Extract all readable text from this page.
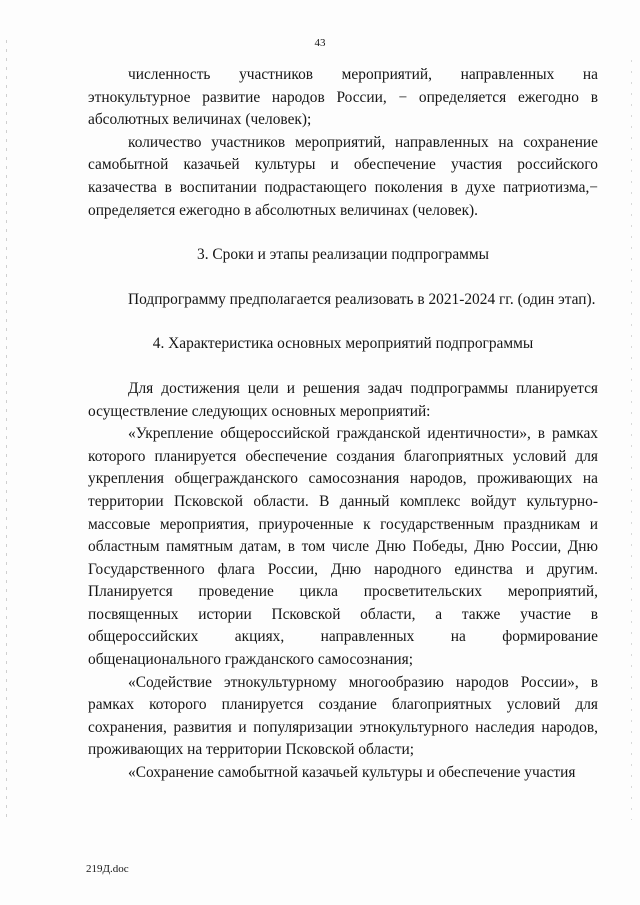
43

численность участников мероприятий, направленных на этнокультурное развитие народов России, − определяется ежегодно в абсолютных величинах (человек);

количество участников мероприятий, направленных на сохранение самобытной казачьей культуры и обеспечение участия российского казачества в воспитании подрастающего поколения в духе патриотизма,− определяется ежегодно в абсолютных величинах (человек).

3. Сроки и этапы реализации подпрограммы

Подпрограмму предполагается реализовать в 2021-2024 гг. (один этап).

4. Характеристика основных мероприятий подпрограммы

Для достижения цели и решения задач подпрограммы планируется осуществление следующих основных мероприятий:

«Укрепление общероссийской гражданской идентичности», в рамках которого планируется обеспечение создания благоприятных условий для укрепления общегражданского самосознания народов, проживающих на территории Псковской области. В данный комплекс войдут культурно-массовые мероприятия, приуроченные к государственным праздникам и областным памятным датам, в том числе Дню Победы, Дню России, Дню Государственного флага России, Дню народного единства и другим. Планируется проведение цикла просветительских мероприятий, посвященных истории Псковской области, а также участие в общероссийских акциях, направленных на формирование общенационального гражданского самосознания;

«Содействие этнокультурному многообразию народов России», в рамках которого планируется создание благоприятных условий для сохранения, развития и популяризации этнокультурного наследия народов, проживающих на территории Псковской области;

«Сохранение самобытной казачьей культуры и обеспечение участия

219Д.doc
